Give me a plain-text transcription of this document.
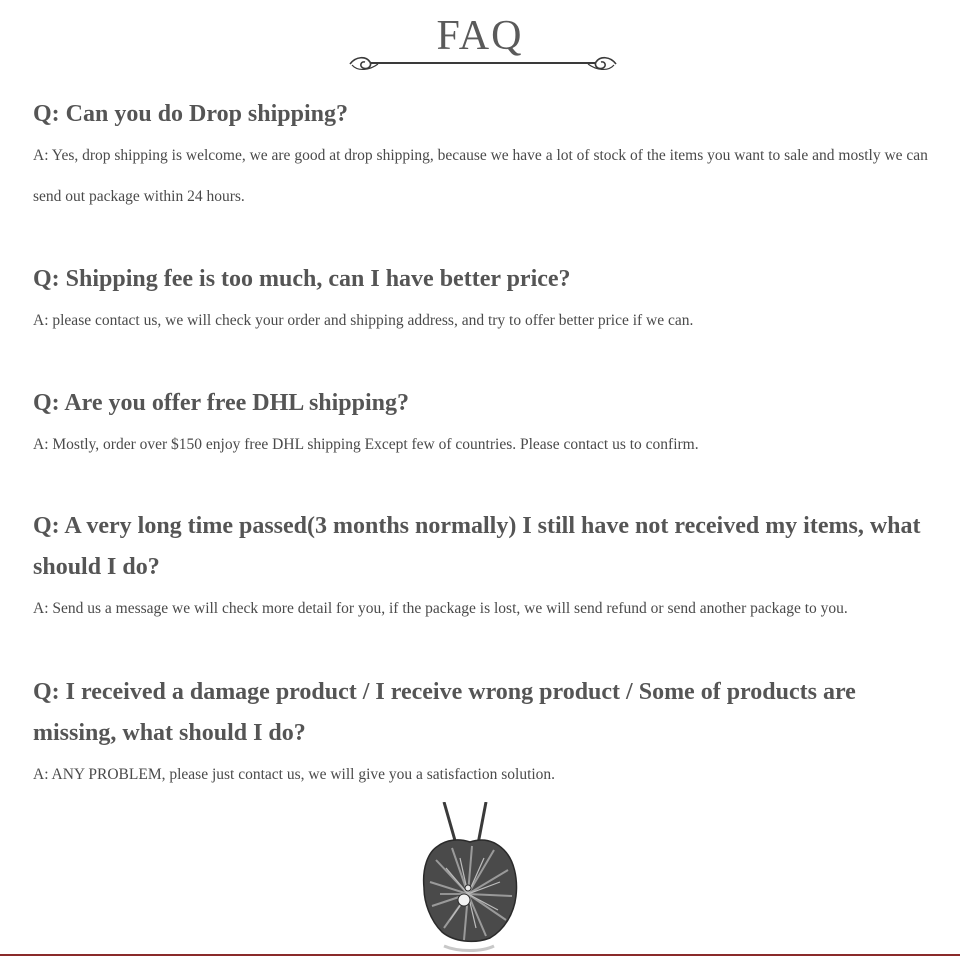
FAQ

Q: Can you do Drop shipping?

A: Yes, drop shipping is welcome, we are good at drop shipping, because we have a lot of stock of the items you want to sale and mostly we can send out package within 24 hours.

Q: Shipping fee is too much, can I have better price?

A: please contact us, we will check your order and shipping address, and try to offer better price if we can.

Q: Are you offer free DHL shipping?

A: Mostly, order over $150 enjoy free DHL shipping Except few of countries. Please contact us to confirm.

Q: A very long time passed(3 months normally) I still have not received my items, what should I do?

A: Send us a message we will check more detail for you, if the package is lost, we will send refund or send another package to you.

Q: I received a damage product / I receive wrong product / Some of products are missing, what should I do?

A: ANY PROBLEM, please just contact us, we will give you a satisfaction solution.
